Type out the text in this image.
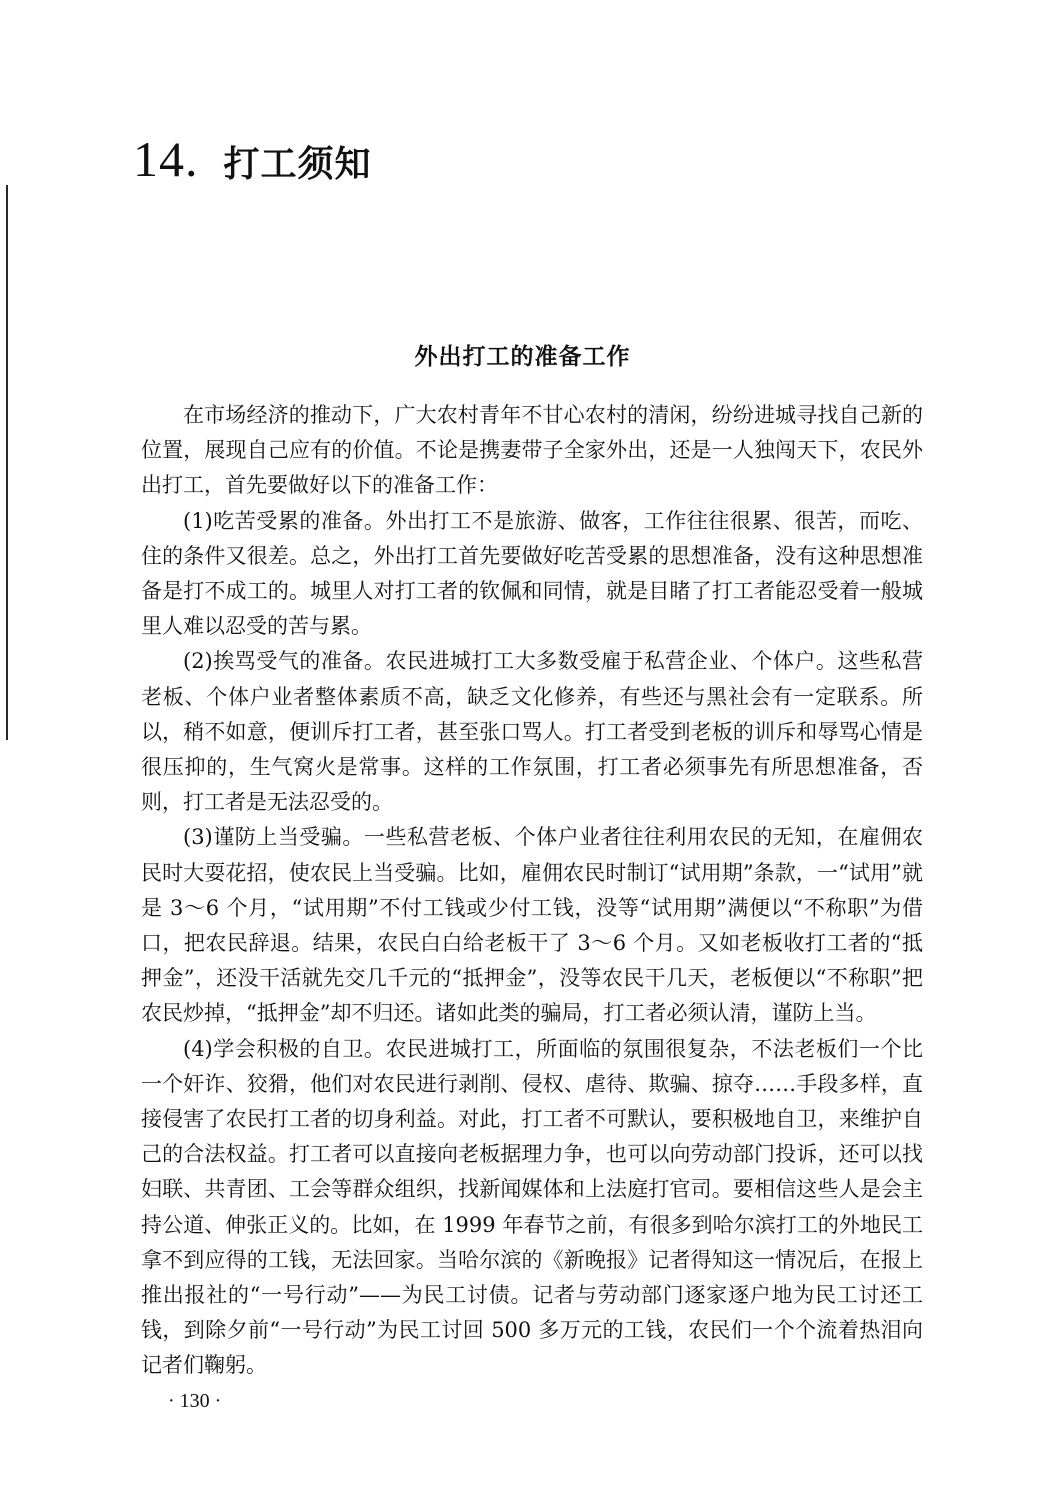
14 . 打工须知
外出打工的准备工作

在市场经济的推动下，广大农村青年不甘心农村的清闲，纷纷进城寻找自己新的位置，展现自己应有的价值。不论是携妻带子全家外出，还是一人独闯天下，农民外出打工，首先要做好以下的准备工作：

(1)吃苦受累的准备。外出打工不是旅游、做客，工作往往很累、很苦，而吃、住的条件又很差。总之，外出打工首先要做好吃苦受累的思想准备，没有这种思想准备是打不成工的。城里人对打工者的钦佩和同情，就是目睹了打工者能忍受着一般城里人难以忍受的苦与累。

(2)挨骂受气的准备。农民进城打工大多数受雇于私营企业、个体户。这些私营老板、个体户业者整体素质不高，缺乏文化修养，有些还与黑社会有一定联系。所以，稍不如意，便训斥打工者，甚至张口骂人。打工者受到老板的训斥和辱骂心情是很压抑的，生气窝火是常事。这样的工作氛围，打工者必须事先有所思想准备，否则，打工者是无法忍受的。

(3)谨防上当受骗。一些私营老板、个体户业者往往利用农民的无知，在雇佣农民时大耍花招，使农民上当受骗。比如，雇佣农民时制订“试用期”条款，一“试用”就是 3～6 个月，“试用期”不付工钱或少付工钱，没等“试用期”满便以“不称职”为借口，把农民辞退。结果，农民白白给老板干了 3～6 个月。又如老板收打工者的“抵押金”，还没干活就先交几千元的“抵押金”，没等农民干几天，老板便以“不称职”把农民炒掉，“抵押金”却不归还。诸如此类的骗局，打工者必须认清，谨防上当。

(4)学会积极的自卫。农民进城打工，所面临的氛围很复杂，不法老板们一个比一个奸诈、狡猾，他们对农民进行剥削、侵权、虐待、欺骗、掠夺……手段多样，直接侵害了农民打工者的切身利益。对此，打工者不可默认，要积极地自卫，来维护自己的合法权益。打工者可以直接向老板据理力争，也可以向劳动部门投诉，还可以找妇联、共青团、工会等群众组织，找新闻媒体和上法庭打官司。要相信这些人是会主持公道、伸张正义的。比如，在 1999 年春节之前，有很多到哈尔滨打工的外地民工拿不到应得的工钱，无法回家。当哈尔滨的《新晚报》记者得知这一情况后，在报上推出报社的“一号行动”——为民工讨债。记者与劳动部门逐家逐户地为民工讨还工钱，到除夕前“一号行动”为民工讨回 500 多万元的工钱，农民们一个个流着热泪向记者们鞠躬。

· 130 ·
